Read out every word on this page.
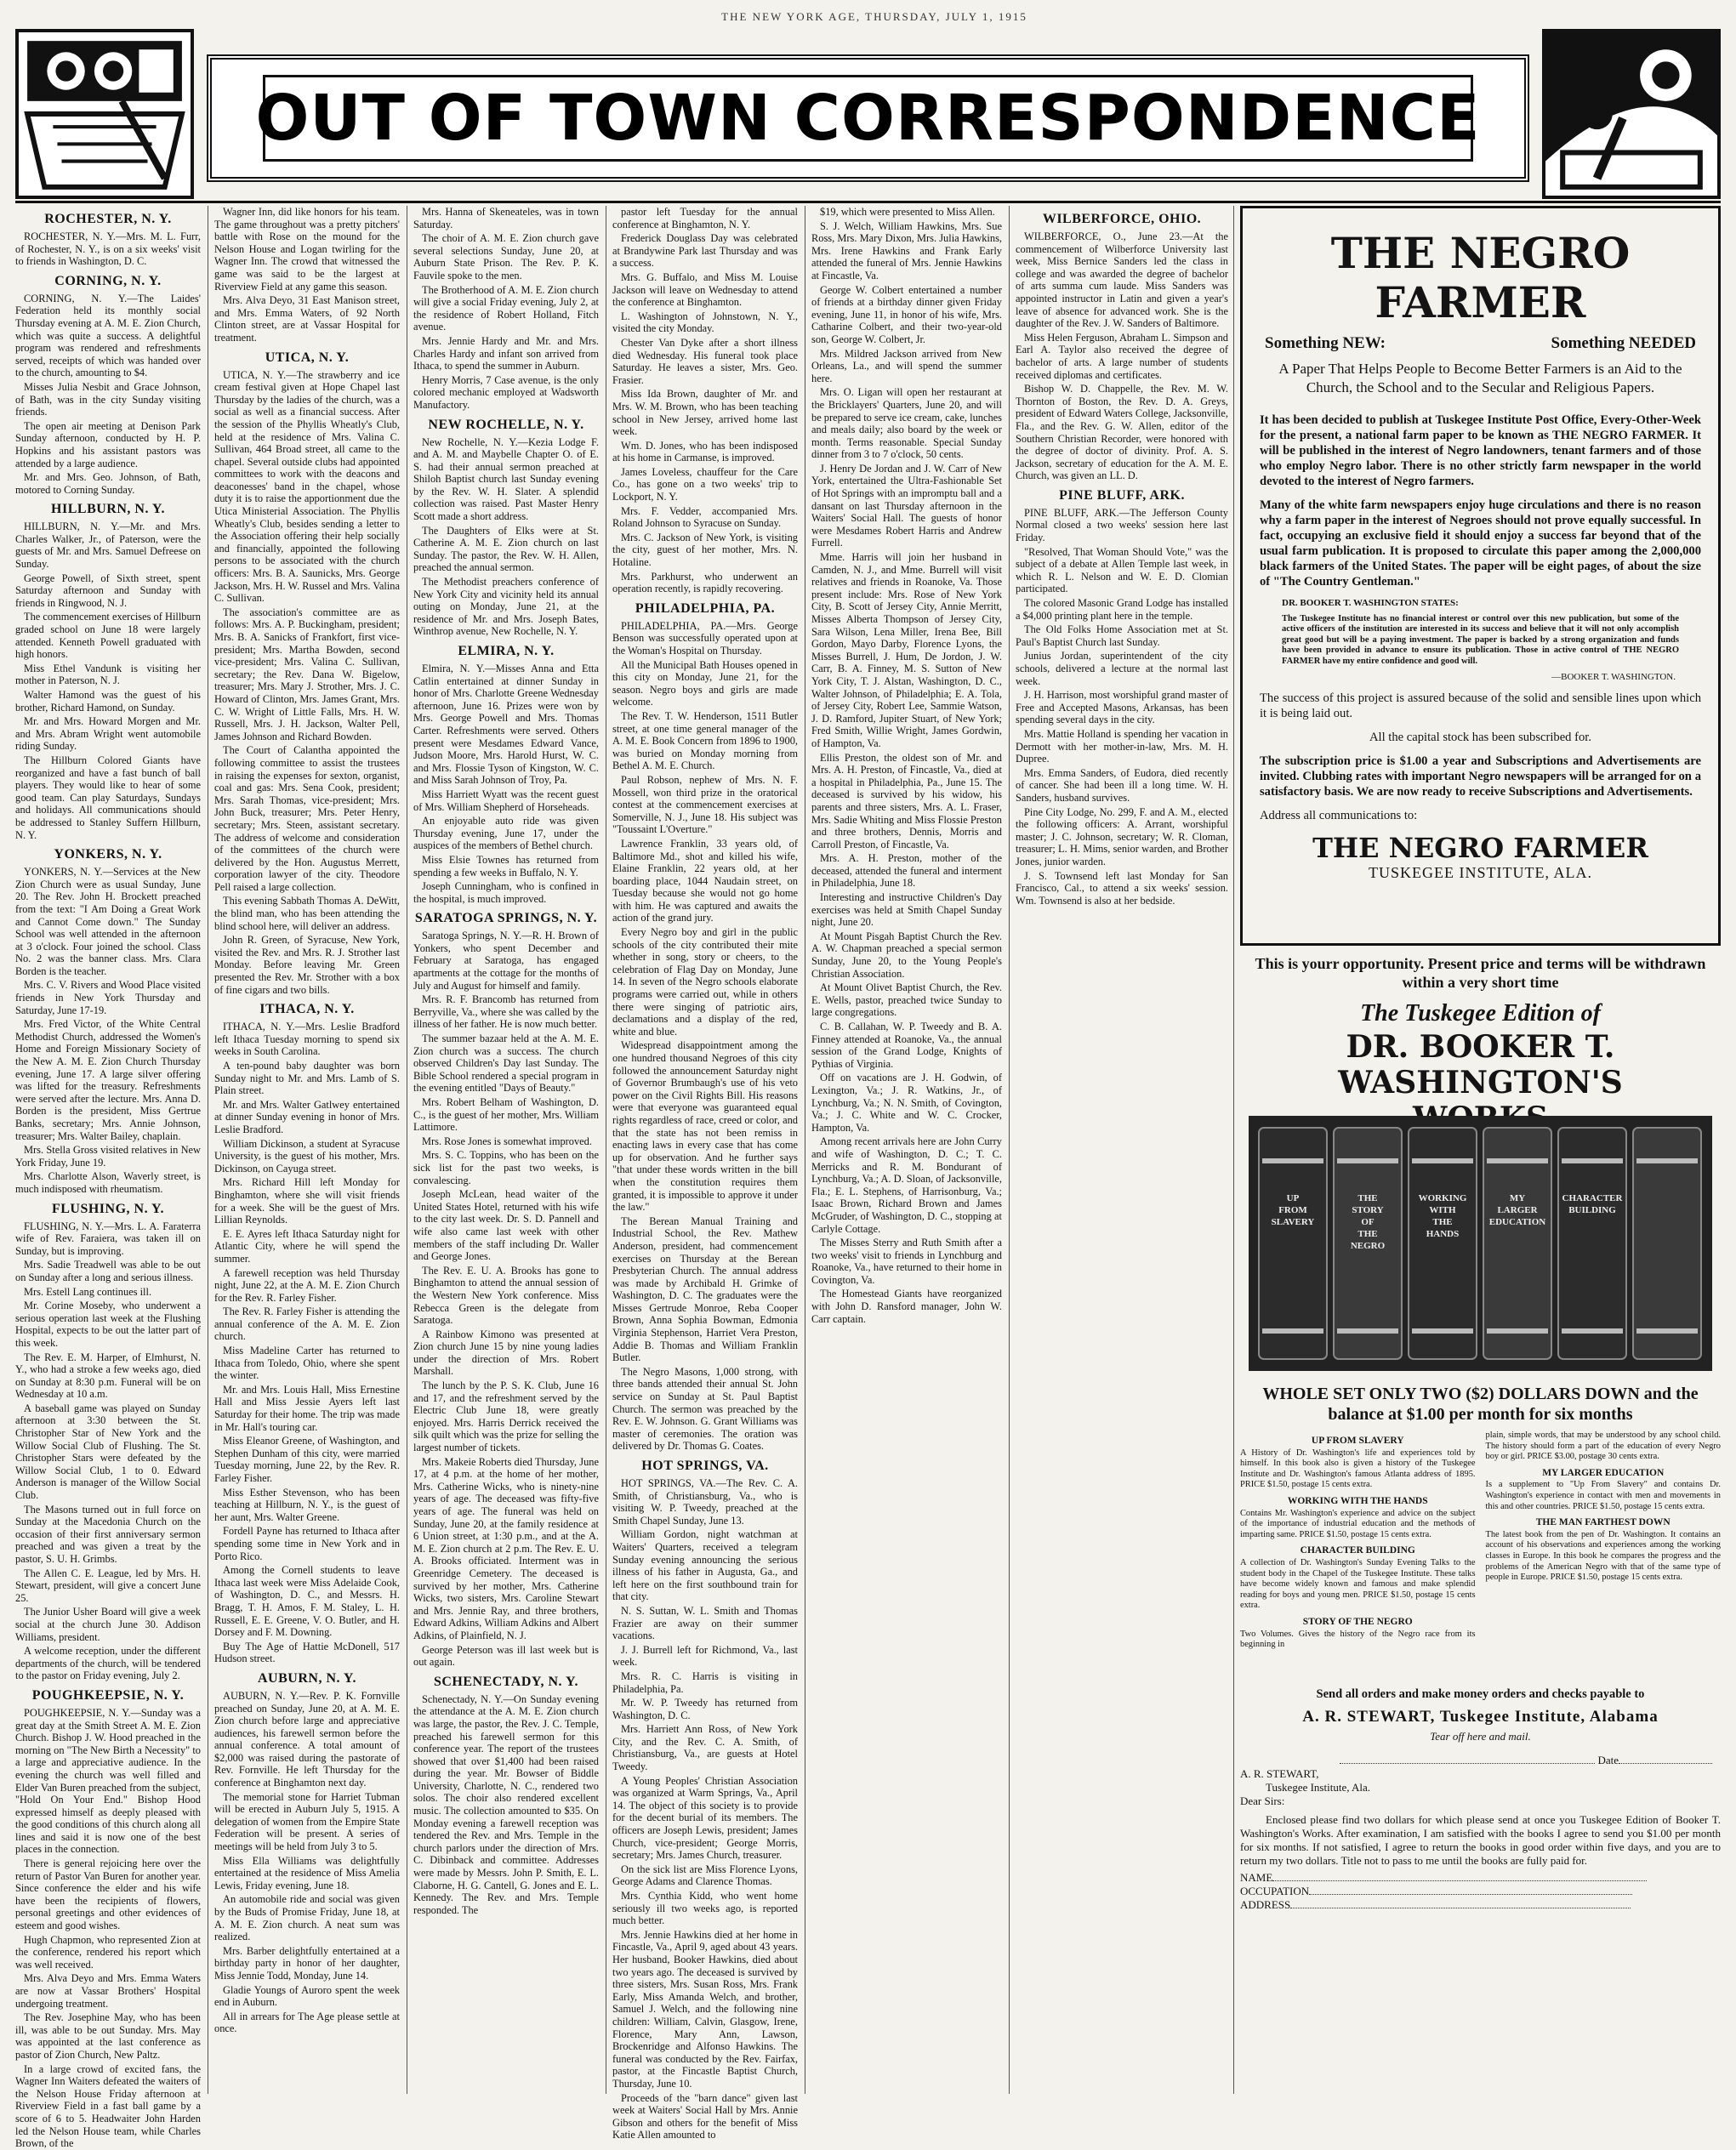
THE NEW YORK AGE, THURSDAY, JULY 1, 1915
OUT OF TOWN CORRESPONDENCE
ROCHESTER, N. Y.

ROCHESTER, N. Y.—Mrs. M. L. Furr, of Rochester, N. Y., is on a six weeks' visit to friends in Washington, D. C.

CORNING, N. Y.

CORNING, N. Y.—The Laides' Federation held its monthly social Thursday evening at A. M. E. Zion Church, which was quite a success. A delightful program was rendered and refreshments served, receipts of which was handed over to the church, amounting to $4.

Misses Julia Nesbit and Grace Johnson, of Bath, was in the city Sunday visiting friends.

The open air meeting at Denison Park Sunday afternoon, conducted by H. P. Hopkins and his assistant pastors was attended by a large audience.

Mr. and Mrs. Geo. Johnson, of Bath, motored to Corning Sunday.

HILLBURN, N. Y.

HILLBURN, N. Y.—Mr. and Mrs. Charles Walker, Jr., of Paterson, were the guests of Mr. and Mrs. Samuel Defreese on Sunday.

George Powell, of Sixth street, spent Saturday afternoon and Sunday with friends in Ringwood, N. J.

The commencement exercises of Hillburn graded school on June 18 were largely attended. Kenneth Powell graduated with high honors.

Miss Ethel Vandunk is visiting her mother in Paterson, N. J.

Walter Hamond was the guest of his brother, Richard Hamond, on Sunday.

Mr. and Mrs. Howard Morgen and Mr. and Mrs. Abram Wright went automobile riding Sunday.

The Hillburn Colored Giants have reorganized and have a fast bunch of ball players. They would like to hear of some good team. Can play Saturdays, Sundays and holidays. All communications should be addressed to Stanley Suffern Hillburn, N. Y.

YONKERS, N. Y.

YONKERS, N. Y.—Services at the New Zion Church were as usual Sunday, June 20. The Rev. John H. Brockett preached from the text: "I Am Doing a Great Work and Cannot Come down." The Sunday School was well attended in the afternoon at 3 o'clock. Four joined the school. Class No. 2 was the banner class. Mrs. Clara Borden is the teacher.

Mrs. C. V. Rivers and Wood Place visited friends in New York Thursday and Saturday, June 17-19.

Mrs. Fred Victor, of the White Central Methodist Church, addressed the Women's Home and Foreign Missionary Society of the New A. M. E. Zion Church Thursday evening, June 17. A large silver offering was lifted for the treasury. Refreshments were served after the lecture. Mrs. Anna D. Borden is the president, Miss Gertrue Banks, secretary; Mrs. Annie Johnson, treasurer; Mrs. Walter Bailey, chaplain.

Mrs. Stella Gross visited relatives in New York Friday, June 19.

Mrs. Charlotte Alson, Waverly street, is much indisposed with rheumatism.

FLUSHING, N. Y.

FLUSHING, N. Y.—Mrs. L. A. Faraterra wife of Rev. Faraiera, was taken ill on Sunday, but is improving.

Mrs. Sadie Treadwell was able to be out on Sunday after a long and serious illness.

Mrs. Estell Lang continues ill.

Mr. Corine Moseby, who underwent a serious operation last week at the Flushing Hospital, expects to be out the latter part of this week.

The Rev. E. M. Harper, of Elmhurst, N. Y., who had a stroke a few weeks ago, died on Sunday at 8:30 p.m. Funeral will be on Wednesday at 10 a.m.

A baseball game was played on Sunday afternoon at 3:30 between the St. Christopher Star of New York and the Willow Social Club of Flushing. The St. Christopher Stars were defeated by the Willow Social Club, 1 to 0. Edward Anderson is manager of the Willow Social Club.

The Masons turned out in full force on Sunday at the Macedonia Church on the occasion of their first anniversary sermon preached and was given a treat by the pastor, S. U. H. Grimbs.

The Allen C. E. League, led by Mrs. H. Stewart, president, will give a concert June 25.

The Junior Usher Board will give a week social at the church June 30. Addison Williams, president.

A welcome reception, under the different departments of the church, will be tendered to the pastor on Friday evening, July 2.

POUGHKEEPSIE, N. Y.

POUGHKEEPSIE, N. Y.—Sunday was a great day at the Smith Street A. M. E. Zion Church. Bishop J. W. Hood preached in the morning on "The New Birth a Necessity" to a large and appreciative audience. In the evening the church was well filled and Elder Van Buren preached from the subject, "Hold On Your End." Bishop Hood expressed himself as deeply pleased with the good conditions of this church along all lines and said it is now one of the best places in the connection.

There is general rejoicing here over the return of Pastor Van Buren for another year. Since conference the elder and his wife have been the recipients of flowers, personal greetings and other evidences of esteem and good wishes.

Hugh Chapmon, who represented Zion at the conference, rendered his report which was well received.

Mrs. Alva Deyo and Mrs. Emma Waters are now at Vassar Brothers' Hospital undergoing treatment.

The Rev. Josephine May, who has been ill, was able to be out Sunday. Mrs. May was appointed at the last conference as pastor of Zion Church, New Paltz.

In a large crowd of excited fans, the Wagner Inn Waiters defeated the waiters of the Nelson House Friday afternoon at Riverview Field in a fast ball game by a score of 6 to 5. Headwaiter John Harden led the Nelson House team, while Charles Brown, of the

Wagner Inn, did like honors for his team. The game throughout was a pretty pitchers' battle with Rose on the mound for the Nelson House and Logan twirling for the Wagner Inn. The crowd that witnessed the game was said to be the largest at Riverview Field at any game this season.

Mrs. Alva Deyo, 31 East Manison street, and Mrs. Emma Waters, of 92 North Clinton street, are at Vassar Hospital for treatment.

UTICA, N. Y.

UTICA, N. Y.—The strawberry and ice cream festival given at Hope Chapel last Thursday by the ladies of the church, was a social as well as a financial success. After the session of the Phyllis Wheatly's Club, held at the residence of Mrs. Valina C. Sullivan, 464 Broad street, all came to the chapel. Several outside clubs had appointed committees to work with the deacons and deaconesses' band in the chapel, whose duty it is to raise the apportionment due the Utica Ministerial Association. The Phyllis Wheatly's Club, besides sending a letter to the Association offering their help socially and financially, appointed the following persons to be associated with the church officers: Mrs. B. A. Saunicks, Mrs. George Jackson, Mrs. H. W. Russel and Mrs. Valina C. Sullivan.

The association's committee are as follows: Mrs. A. P. Buckingham, president; Mrs. B. A. Sanicks of Frankfort, first vice-president; Mrs. Martha Bowden, second vice-president; Mrs. Valina C. Sullivan, secretary; the Rev. Dana W. Bigelow, treasurer; Mrs. Mary J. Strother, Mrs. J. C. Howard of Clinton, Mrs. James Grant, Mrs. C. W. Wright of Little Falls, Mrs. H. W. Russell, Mrs. J. H. Jackson, Walter Pell, James Johnson and Richard Bowden.

The Court of Calantha appointed the following committee to assist the trustees in raising the expenses for sexton, organist, coal and gas: Mrs. Sena Cook, president; Mrs. Sarah Thomas, vice-president; Mrs. John Buck, treasurer; Mrs. Peter Henry, secretary; Mrs. Steen, assistant secretary. The address of welcome and consideration of the committees of the church were delivered by the Hon. Augustus Merrett, corporation lawyer of the city. Theodore Pell raised a large collection.

This evening Sabbath Thomas A. DeWitt, the blind man, who has been attending the blind school here, will deliver an address.

John R. Green, of Syracuse, New York, visited the Rev. and Mrs. R. J. Strother last Monday. Before leaving Mr. Green presented the Rev. Mr. Strother with a box of fine cigars and two bills.

ITHACA, N. Y.

ITHACA, N. Y.—Mrs. Leslie Bradford left Ithaca Tuesday morning to spend six weeks in South Carolina.

A ten-pound baby daughter was born Sunday night to Mr. and Mrs. Lamb of S. Plain street.

Mr. and Mrs. Walter Gatlwey entertained at dinner Sunday evening in honor of Mrs. Leslie Bradford.

William Dickinson, a student at Syracuse University, is the guest of his mother, Mrs. Dickinson, on Cayuga street.

Mrs. Richard Hill left Monday for Binghamton, where she will visit friends for a week. She will be the guest of Mrs. Lillian Reynolds.

E. E. Ayres left Ithaca Saturday night for Atlantic City, where he will spend the summer.

A farewell reception was held Thursday night, June 22, at the A. M. E. Zion Church for the Rev. R. Farley Fisher.

The Rev. R. Farley Fisher is attending the annual conference of the A. M. E. Zion church.

Miss Madeline Carter has returned to Ithaca from Toledo, Ohio, where she spent the winter.

Mr. and Mrs. Louis Hall, Miss Ernestine Hall and Miss Jessie Ayers left last Saturday for their home. The trip was made in Mr. Hall's touring car.

Miss Eleanor Greene, of Washington, and Stephen Dunham of this city, were married Tuesday morning, June 22, by the Rev. R. Farley Fisher.

Miss Esther Stevenson, who has been teaching at Hillburn, N. Y., is the guest of her aunt, Mrs. Walter Greene.

Fordell Payne has returned to Ithaca after spending some time in New York and in Porto Rico.

Among the Cornell students to leave Ithaca last week were Miss Adelaide Cook, of Washington, D. C., and Messrs. H. Bragg, T. H. Amos, F. M. Staley, L. H. Russell, E. E. Greene, V. O. Butler, and H. Dorsey and F. M. Downing.

Buy The Age of Hattie McDonell, 517 Hudson street.

AUBURN, N. Y.

AUBURN, N. Y.—Rev. P. K. Fornville preached on Sunday, June 20, at A. M. E. Zion church before large and appreciative audiences, his farewell sermon before the annual conference. A total amount of $2,000 was raised during the pastorate of Rev. Fornville. He left Thursday for the conference at Binghamton next day.

The memorial stone for Harriet Tubman will be erected in Auburn July 5, 1915. A delegation of women from the Empire State Federation will be present. A series of meetings will be held from July 3 to 5.

Miss Ella Williams was delightfully entertained at the residence of Miss Amelia Lewis, Friday evening, June 18.

An automobile ride and social was given by the Buds of Promise Friday, June 18, at A. M. E. Zion church. A neat sum was realized.

Mrs. Barber delightfully entertained at a birthday party in honor of her daughter, Miss Jennie Todd, Monday, June 14.

Gladie Youngs of Auroro spent the week end in Auburn.

All in arrears for The Age please settle at once.

Mrs. Hanna of Skeneateles, was in town Saturday.

The choir of A. M. E. Zion church gave several selections Sunday, June 20, at Auburn State Prison. The Rev. P. K. Fauvile spoke to the men.

The Brotherhood of A. M. E. Zion church will give a social Friday evening, July 2, at the residence of Robert Holland, Fitch avenue.

Mrs. Jennie Hardy and Mr. and Mrs. Charles Hardy and infant son arrived from Ithaca, to spend the summer in Auburn.

Henry Morris, 7 Case avenue, is the only colored mechanic employed at Wadsworth Manufactory.

NEW ROCHELLE, N. Y.

New Rochelle, N. Y.—Kezia Lodge F. and A. M. and Maybelle Chapter O. of E. S. had their annual sermon preached at Shiloh Baptist church last Sunday evening by the Rev. W. H. Slater. A splendid collection was raised. Past Master Henry Scott made a short address.

The Daughters of Elks were at St. Catherine A. M. E. Zion church on last Sunday. The pastor, the Rev. W. H. Allen, preached the annual sermon.

The Methodist preachers conference of New York City and vicinity held its annual outing on Monday, June 21, at the residence of Mr. and Mrs. Joseph Bates, Winthrop avenue, New Rochelle, N. Y.

ELMIRA, N. Y.

Elmira, N. Y.—Misses Anna and Etta Catlin entertained at dinner Sunday in honor of Mrs. Charlotte Greene Wednesday afternoon, June 16. Prizes were won by Mrs. George Powell and Mrs. Thomas Carter. Refreshments were served. Others present were Mesdames Edward Vance, Judson Moore, Mrs. Harold Hurst, W. C. and Mrs. Flossie Tyson of Kingston, W. C. and Miss Sarah Johnson of Troy, Pa.

Miss Harriett Wyatt was the recent guest of Mrs. William Shepherd of Horseheads.

An enjoyable auto ride was given Thursday evening, June 17, under the auspices of the members of Bethel church.

Miss Elsie Townes has returned from spending a few weeks in Buffalo, N. Y.

Joseph Cunningham, who is confined in the hospital, is much improved.

SARATOGA SPRINGS, N. Y.

Saratoga Springs, N. Y.—R. H. Brown of Yonkers, who spent December and February at Saratoga, has engaged apartments at the cottage for the months of July and August for himself and family.

Mrs. R. F. Brancomb has returned from Berryville, Va., where she was called by the illness of her father. He is now much better.

The summer bazaar held at the A. M. E. Zion church was a success. The church observed Children's Day last Sunday. The Bible School rendered a special program in the evening entitled "Days of Beauty."

Mrs. Robert Belham of Washington, D. C., is the guest of her mother, Mrs. William Lattimore.

Mrs. Rose Jones is somewhat improved.

Mrs. S. C. Toppins, who has been on the sick list for the past two weeks, is convalescing.

Joseph McLean, head waiter of the United States Hotel, returned with his wife to the city last week. Dr. S. D. Pannell and wife also came last week with other members of the staff including Dr. Waller and George Jones.

The Rev. E. U. A. Brooks has gone to Binghamton to attend the annual session of the Western New York conference. Miss Rebecca Green is the delegate from Saratoga.

A Rainbow Kimono was presented at Zion church June 15 by nine young ladies under the direction of Mrs. Robert Marshall.

The lunch by the P. S. K. Club, June 16 and 17, and the refreshment served by the Electric Club June 18, were greatly enjoyed. Mrs. Harris Derrick received the silk quilt which was the prize for selling the largest number of tickets.

Mrs. Makeie Roberts died Thursday, June 17, at 4 p.m. at the home of her mother, Mrs. Catherine Wicks, who is ninety-nine years of age. The deceased was fifty-five years of age. The funeral was held on Sunday, June 20, at the family residence at 6 Union street, at 1:30 p.m., and at the A. M. E. Zion church at 2 p.m. The Rev. E. U. A. Brooks officiated. Interment was in Greenridge Cemetery. The deceased is survived by her mother, Mrs. Catherine Wicks, two sisters, Mrs. Caroline Stewart and Mrs. Jennie Ray, and three brothers, Edward Adkins, William Adkins and Albert Adkins, of Plainfield, N. J.

George Peterson was ill last week but is out again.

SCHENECTADY, N. Y.

Schenectady, N. Y.—On Sunday evening the attendance at the A. M. E. Zion church was large, the pastor, the Rev. J. C. Temple, preached his farewell sermon for this conference year. The report of the trustees showed that over $1,400 had been raised during the year. Mr. Bowser of Biddle University, Charlotte, N. C., rendered two solos. The choir also rendered excellent music. The collection amounted to $35. On Monday evening a farewell reception was tendered the Rev. and Mrs. Temple in the church parlors under the direction of Mrs. C. Dibinback and committee. Addresses were made by Messrs. John P. Smith, E. L. Claborne, H. G. Cantell, G. Jones and E. L. Kennedy. The Rev. and Mrs. Temple responded. The

pastor left Tuesday for the annual conference at Binghamton, N. Y.

Frederick Douglass Day was celebrated at Brandywine Park last Thursday and was a success.

Mrs. G. Buffalo, and Miss M. Louise Jackson will leave on Wednesday to attend the conference at Binghamton.

L. Washington of Johnstown, N. Y., visited the city Monday.

Chester Van Dyke after a short illness died Wednesday. His funeral took place Saturday. He leaves a sister, Mrs. Geo. Frasier.

Miss Ida Brown, daughter of Mr. and Mrs. W. M. Brown, who has been teaching school in New Jersey, arrived home last week.

Wm. D. Jones, who has been indisposed at his home in Carmanse, is improved.

James Loveless, chauffeur for the Care Co., has gone on a two weeks' trip to Lockport, N. Y.

Mrs. F. Vedder, accompanied Mrs. Roland Johnson to Syracuse on Sunday.

Mrs. C. Jackson of New York, is visiting the city, guest of her mother, Mrs. N. Hotaline.

Mrs. Parkhurst, who underwent an operation recently, is rapidly recovering.

PHILADELPHIA, PA.

PHILADELPHIA, PA.—Mrs. George Benson was successfully operated upon at the Woman's Hospital on Thursday.

All the Municipal Bath Houses opened in this city on Monday, June 21, for the season. Negro boys and girls are made welcome.

The Rev. T. W. Henderson, 1511 Butler street, at one time general manager of the A. M. E. Book Concern from 1896 to 1900, was buried on Monday morning from Bethel A. M. E. Church.

Paul Robson, nephew of Mrs. N. F. Mossell, won third prize in the oratorical contest at the commencement exercises at Somerville, N. J., June 18. His subject was "Toussaint L'Overture."

Lawrence Franklin, 33 years old, of Baltimore Md., shot and killed his wife, Elaine Franklin, 22 years old, at her boarding place, 1044 Naudain street, on Tuesday because she would not go home with him. He was captured and awaits the action of the grand jury.

Every Negro boy and girl in the public schools of the city contributed their mite whether in song, story or cheers, to the celebration of Flag Day on Monday, June 14. In seven of the Negro schools elaborate programs were carried out, while in others there were singing of patriotic airs, declamations and a display of the red, white and blue.

Widespread disappointment among the one hundred thousand Negroes of this city followed the announcement Saturday night of Governor Brumbaugh's use of his veto power on the Civil Rights Bill. His reasons were that everyone was guaranteed equal rights regardless of race, creed or color, and that the state has not been remiss in enacting laws in every case that has come up for observation. And he further says "that under these words written in the bill when the constitution requires them granted, it is impossible to approve it under the law."

The Berean Manual Training and Industrial School, the Rev. Mathew Anderson, president, had commencement exercises on Thursday at the Berean Presbyterian Church. The annual address was made by Archibald H. Grimke of Washington, D. C. The graduates were the Misses Gertrude Monroe, Reba Cooper Brown, Anna Sophia Bowman, Edmonia Virginia Stephenson, Harriet Vera Preston, Addie B. Thomas and William Franklin Butler.

The Negro Masons, 1,000 strong, with three bands attended their annual St. John service on Sunday at St. Paul Baptist Church. The sermon was preached by the Rev. E. W. Johnson. G. Grant Williams was master of ceremonies. The oration was delivered by Dr. Thomas G. Coates.

HOT SPRINGS, VA.

HOT SPRINGS, VA.—The Rev. C. A. Smith, of Christiansburg, Va., who is visiting W. P. Tweedy, preached at the Smith Chapel Sunday, June 13.

William Gordon, night watchman at Waiters' Quarters, received a telegram Sunday evening announcing the serious illness of his father in Augusta, Ga., and left here on the first southbound train for that city.

N. S. Suttan, W. L. Smith and Thomas Frazier are away on their summer vacations.

J. J. Burrell left for Richmond, Va., last week.

Mrs. R. C. Harris is visiting in Philadelphia, Pa.

Mr. W. P. Tweedy has returned from Washington, D. C.

Mrs. Harriett Ann Ross, of New York City, and the Rev. C. A. Smith, of Christiansburg, Va., are guests at Hotel Tweedy.

A Young Peoples' Christian Association was organized at Warm Springs, Va., April 14. The object of this society is to provide for the decent burial of its members. The officers are Joseph Lewis, president; James Church, vice-president; George Morris, secretary; Mrs. James Church, treasurer.

On the sick list are Miss Florence Lyons, George Adams and Clarence Thomas.

Mrs. Cynthia Kidd, who went home seriously ill two weeks ago, is reported much better.

Mrs. Jennie Hawkins died at her home in Fincastle, Va., April 9, aged about 43 years. Her husband, Booker Hawkins, died about two years ago. The deceased is survived by three sisters, Mrs. Susan Ross, Mrs. Frank Early, Miss Amanda Welch, and brother, Samuel J. Welch, and the following nine children: William, Calvin, Glasgow, Irene, Florence, Mary Ann, Lawson, Brockenridge and Alfonso Hawkins. The funeral was conducted by the Rev. Fairfax, pastor, at the Fincastle Baptist Church, Thursday, June 10.

Proceeds of the "barn dance" given last week at Waiters' Social Hall by Mrs. Annie Gibson and others for the benefit of Miss Katie Allen amounted to

$19, which were presented to Miss Allen.

S. J. Welch, William Hawkins, Mrs. Sue Ross, Mrs. Mary Dixon, Mrs. Julia Hawkins, Mrs. Irene Hawkins and Frank Early attended the funeral of Mrs. Jennie Hawkins at Fincastle, Va.

George W. Colbert entertained a number of friends at a birthday dinner given Friday evening, June 11, in honor of his wife, Mrs. Catharine Colbert, and their two-year-old son, George W. Colbert, Jr.

Mrs. Mildred Jackson arrived from New Orleans, La., and will spend the summer here.

Mrs. O. Ligan will open her restaurant at the Bricklayers' Quarters, June 20, and will be prepared to serve ice cream, cake, lunches and meals daily; also board by the week or month. Terms reasonable. Special Sunday dinner from 3 to 7 o'clock, 50 cents.

J. Henry De Jordan and J. W. Carr of New York, entertained the Ultra-Fashionable Set of Hot Springs with an impromptu ball and a dansant on last Thursday afternoon in the Waiters' Social Hall. The guests of honor were Mesdames Robert Harris and Andrew Furrell.

Mme. Harris will join her husband in Camden, N. J., and Mme. Burrell will visit relatives and friends in Roanoke, Va. Those present include: Mrs. Rose of New York City, B. Scott of Jersey City, Annie Merritt, Misses Alberta Thompson of Jersey City, Sara Wilson, Lena Miller, Irena Bee, Bill Gordon, Mayo Darby, Florence Lyons, the Misses Burrell, J. Hum, De Jordon, J. W. Carr, B. A. Finney, M. S. Sutton of New York City, T. J. Alstan, Washington, D. C., Walter Johnson, of Philadelphia; E. A. Tola, of Jersey City, Robert Lee, Sammie Watson, J. D. Ramford, Jupiter Stuart, of New York; Fred Smith, Willie Wright, James Gordwin, of Hampton, Va.

Ellis Preston, the oldest son of Mr. and Mrs. A. H. Preston, of Fincastle, Va., died at a hospital in Philadelphia, Pa., June 15. The deceased is survived by his widow, his parents and three sisters, Mrs. A. L. Fraser, Mrs. Sadie Whiting and Miss Flossie Preston and three brothers, Dennis, Morris and Carroll Preston, of Fincastle, Va.

Mrs. A. H. Preston, mother of the deceased, attended the funeral and interment in Philadelphia, June 18.

Interesting and instructive Children's Day exercises was held at Smith Chapel Sunday night, June 20.

At Mount Pisgah Baptist Church the Rev. A. W. Chapman preached a special sermon Sunday, June 20, to the Young People's Christian Association.

At Mount Olivet Baptist Church, the Rev. E. Wells, pastor, preached twice Sunday to large congregations.

C. B. Callahan, W. P. Tweedy and B. A. Finney attended at Roanoke, Va., the annual session of the Grand Lodge, Knights of Pythias of Virginia.

Off on vacations are J. H. Godwin, of Lexington, Va.; J. R. Watkins, Jr., of Lynchburg, Va.; N. N. Smith, of Covington, Va.; J. C. White and W. C. Crocker, Hampton, Va.

Among recent arrivals here are John Curry and wife of Washington, D. C.; T. C. Merricks and R. M. Bondurant of Lynchburg, Va.; A. D. Sloan, of Jacksonville, Fla.; E. L. Stephens, of Harrisonburg, Va.; Isaac Brown, Richard Brown and James McGruder, of Washington, D. C., stopping at Carlyle Cottage.

The Misses Sterry and Ruth Smith after a two weeks' visit to friends in Lynchburg and Roanoke, Va., have returned to their home in Covington, Va.

The Homestead Giants have reorganized with John D. Ransford manager, John W. Carr captain.

WILBERFORCE, OHIO.

WILBERFORCE, O., June 23.—At the commencement of Wilberforce University last week, Miss Bernice Sanders led the class in college and was awarded the degree of bachelor of arts summa cum laude. Miss Sanders was appointed instructor in Latin and given a year's leave of absence for advanced work. She is the daughter of the Rev. J. W. Sanders of Baltimore.

Miss Helen Ferguson, Abraham L. Simpson and Earl A. Taylor also received the degree of bachelor of arts. A large number of students received diplomas and certificates.

Bishop W. D. Chappelle, the Rev. M. W. Thornton of Boston, the Rev. D. A. Greys, president of Edward Waters College, Jacksonville, Fla., and the Rev. G. W. Allen, editor of the Southern Christian Recorder, were honored with the degree of doctor of divinity. Prof. A. S. Jackson, secretary of education for the A. M. E. Church, was given an LL. D.

PINE BLUFF, ARK.

PINE BLUFF, ARK.—The Jefferson County Normal closed a two weeks' session here last Friday.

"Resolved, That Woman Should Vote," was the subject of a debate at Allen Temple last week, in which R. L. Nelson and W. E. D. Clomian participated.

The colored Masonic Grand Lodge has installed a $4,000 printing plant here in the temple.

The Old Folks Home Association met at St. Paul's Baptist Church last Sunday.

Junius Jordan, superintendent of the city schools, delivered a lecture at the normal last week.

J. H. Harrison, most worshipful grand master of Free and Accepted Masons, Arkansas, has been spending several days in the city.

Mrs. Mattie Holland is spending her vacation in Dermott with her mother-in-law, Mrs. M. H. Dupree.

Mrs. Emma Sanders, of Eudora, died recently of cancer. She had been ill a long time. W. H. Sanders, husband survives.

Pine City Lodge, No. 299, F. and A. M., elected the following officers: A. Arrant, worshipful master; J. C. Johnson, secretary; W. R. Cloman, treasurer; L. H. Mims, senior warden, and Brother Jones, junior warden.

J. S. Townsend left last Monday for San Francisco, Cal., to attend a six weeks' session. Wm. Townsend is also at her bedside.

THE NEGRO FARMER
Something NEW:	Something NEEDED
A Paper That Helps People to Become Better Farmers is an Aid to the Church, the School and to the Secular and Religious Papers.
It has been decided to publish at Tuskegee Institute Post Office, Every-Other-Week for the present, a national farm paper to be known as THE NEGRO FARMER. It will be published in the interest of Negro landowners, tenant farmers and of those who employ Negro labor. There is no other strictly farm newspaper in the world devoted to the interest of Negro farmers.
Many of the white farm newspapers enjoy huge circulations and there is no reason why a farm paper in the interest of Negroes should not prove equally successful. In fact, occupying an exclusive field it should enjoy a success far beyond that of the usual farm publication. It is proposed to circulate this paper among the 2,000,000 black farmers of the United States. The paper will be eight pages, of about the size of "The Country Gentleman."
DR. BOOKER T. WASHINGTON STATES:
The Tuskegee Institute has no financial interest or control over this new publication, but some of the active officers of the institution are interested in its success and believe that it will not only accomplish great good but will be a paying investment. The paper is backed by a strong organization and funds have been provided in advance to ensure its publication. Those in active control of THE NEGRO FARMER have my entire confidence and good will.
—BOOKER T. WASHINGTON.
The success of this project is assured because of the solid and sensible lines upon which it is being laid out.
All the capital stock has been subscribed for.
The subscription price is $1.00 a year and Subscriptions and Advertisements are invited. Clubbing rates with important Negro newspapers will be arranged for on a satisfactory basis. We are now ready to receive Subscriptions and Advertisements.
Address all communications to:
THE NEGRO FARMER
TUSKEGEE INSTITUTE, ALA.
This is yourr opportunity. Present price and terms will be withdrawn within a very short time
The Tuskegee Edition of
DR. BOOKER T. WASHINGTON'S
UP FROM SLAVERY
THE STORY OF THE NEGRO
WORKING WITH THE HANDS
MY LARGER EDUCATION
CHARACTER BUILDING
WHOLE SET ONLY TWO ($2) DOLLARS DOWN and the balance at $1.00 per month for six months
UP FROM SLAVERY
A History of Dr. Washington's life and experiences told by himself. In this book also is given a history of the Tuskegee Institute and Dr. Washington's famous Atlanta address of 1895. PRICE $1.50, postage 15 cents extra.
WORKING WITH THE HANDS
Contains Mr. Washington's experience and advice on the subject of the importance of industrial education and the methods of imparting same. PRICE $1.50, postage 15 cents extra.
CHARACTER BUILDING
A collection of Dr. Washington's Sunday Evening Talks to the student body in the Chapel of the Tuskegee Institute. These talks have become widely known and famous and make splendid reading for boys and young men. PRICE $1.50, postage 15 cents extra.
STORY OF THE NEGRO
Two Volumes. Gives the history of the Negro race from its beginning in
plain, simple words, that may be understood by any school child. The history should form a part of the education of every Negro boy or girl. PRICE $3.00, postage 30 cents extra.
MY LARGER EDUCATION
Is a supplement to "Up From Slavery" and contains Dr. Washington's experience in contact with men and movements in this and other countries. PRICE $1.50, postage 15 cents extra.
THE MAN FARTHEST DOWN
The latest book from the pen of Dr. Washington. It contains an account of his observations and experiences among the working classes in Europe. In this book he compares the progress and the problems of the American Negro with that of the same type of people in Europe. PRICE $1.50, postage 15 cents extra.
Send all orders and make money orders and checks payable to
A. R. STEWART, Tuskegee Institute, Alabama
Tear off here and mail.

Date

A. R. STEWART,

Tuskegee Institute, Ala.

Dear Sirs:

Enclosed please find two dollars for which please send at once you Tuskegee Edition of Booker T. Washington's Works. After examination, I am satisfied with the books I agree to send you $1.00 per month for six months. If not satisfied, I agree to return the books in good order within five days, and you are to return my two dollars. Title not to pass to me until the books are fully paid for.

NAME

OCCUPATION

ADDRESS
